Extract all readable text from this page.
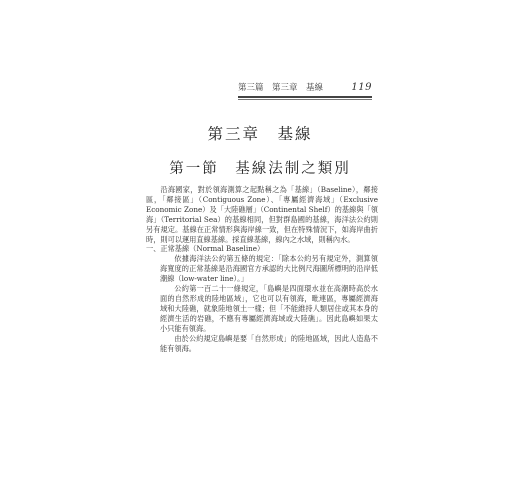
第三篇　第三章　基線	119
第三章　基線
第一節　基線法制之類別

沿海國家，對於領海測算之起點稱之為「基線」（Baseline），鄰接區，「鄰接區」（Contiguous Zone）、「專屬經濟海域」（Exclusive Economic Zone）及「大陸礁層」（Continental Shelf）的基線與「領海」（Territorial Sea）的基線相同，但對群島國的基線，海洋法公約則另有規定。基線在正常情形與海岸線一致，但在特殊情況下，如海岸曲折時，則可以運用直線基線。採直線基線，線內之水域，則稱內水。

一、正常基線（Normal Baseline）

依據海洋法公約第五條的規定：「除本公約另有規定外，測算領海寬度的正常基線是沿海國官方承認的大比例尺海圖所標明的沿岸低潮線（low-water line）。」

公約第一百二十一條規定，「島嶼是四面環水並在高潮時高於水面的自然形成的陸地區域」，它也可以有領海，毗連區，專屬經濟海域和大陸礁，就象陸地領土一樣；但「不能維持人類居住或其本身的經濟生活的岩礁，不應有專屬經濟海域或大陸礁」。因此島嶼如果太小只能有領海。

由於公約規定島嶼是要「自然形成」的陸地區域，因此人造島不能有領海。
